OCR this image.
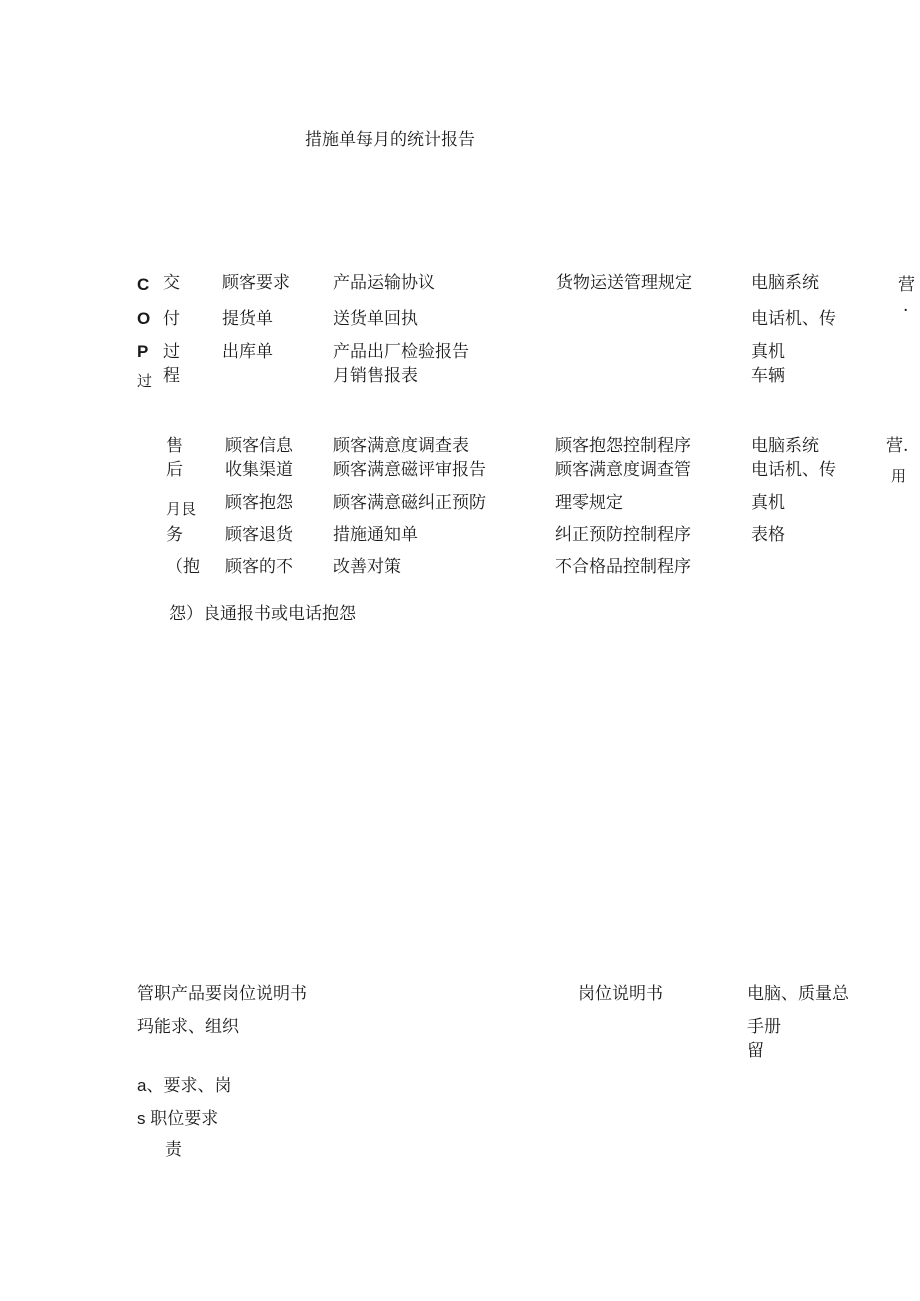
措施单每月的统计报告
C
O
P
过
交
付
过
程
顾客要求
提货单
出库单
产品运输协议
送货单回执
产品出厂检验报告
月销售报表
货物运送管理规定	电脑系统
电话机、传
真机
车辆
营
·
售
后
月艮
务
（抱
顾客信息
收集渠道
顾客抱怨
顾客退货
顾客的不
顾客满意度调查表
顾客满意磁评审报告
顾客满意磁纠正预防
措施通知单
改善对策
顾客抱怨控制程序
顾客满意度调查管
理零规定
纠正预防控制程序
不合格品控制程序
电脑系统
电话机、传
真机
表格
营.
用
怨）良通报书或电话抱怨
管职产品要岗位说明书
玛能求、组织
a、要求、岗
s 职位要求
责
岗位说明书	电脑、质量总
手册
留
